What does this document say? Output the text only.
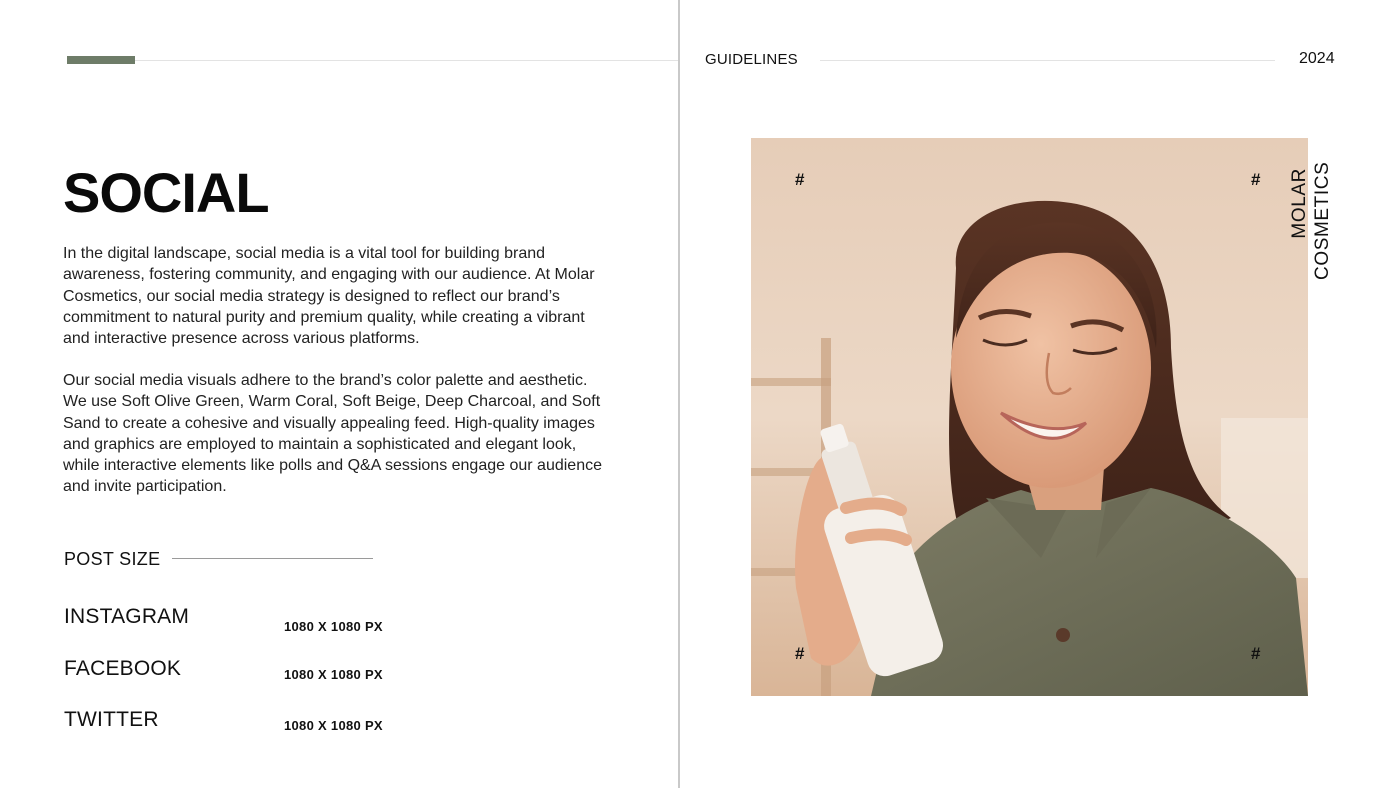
GUIDELINES	2024
SOCIAL
In the digital landscape, social media is a vital tool for building brand awareness, fostering community, and engaging with our audience. At Molar Cosmetics, our social media strategy is designed to reflect our brand’s commitment to natural purity and premium quality, while creating a vibrant and interactive presence across various platforms.
Our social media visuals adhere to the brand’s color palette and aesthetic. We use Soft Olive Green, Warm Coral, Soft Beige, Deep Charcoal, and Soft Sand to create a cohesive and visually appealing feed. High-quality images and graphics are employed to maintain a sophisticated and elegant look, while interactive elements like polls and Q&A sessions engage our audience and invite participation.
POST SIZE
INSTAGRAM	1080 X 1080 PX
FACEBOOK	1080 X 1080 PX
TWITTER	1080 X 1080 PX
#	#
#	#
MOLAR COSMETICS
